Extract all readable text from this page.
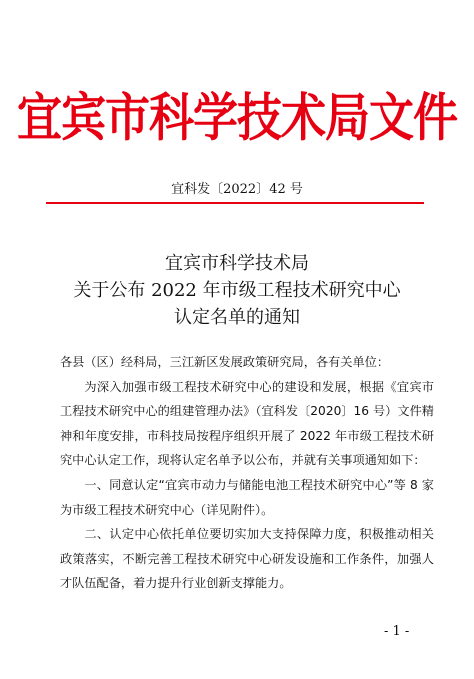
宜宾市科学技术局文件
宜科发〔2022〕42 号
宜宾市科学技术局
关于公布 2022 年市级工程技术研究中心
认定名单的通知

各县（区）经科局，三江新区发展政策研究局，各有关单位：

为深入加强市级工程技术研究中心的建设和发展，根据《宜宾市工程技术研究中心的组建管理办法》（宜科发〔2020〕16 号）文件精神和年度安排，市科技局按程序组织开展了 2022 年市级工程技术研究中心认定工作，现将认定名单予以公布，并就有关事项通知如下：

一、同意认定“宜宾市动力与储能电池工程技术研究中心”等 8 家为市级工程技术研究中心（详见附件）。

二、认定中心依托单位要切实加大支持保障力度，积极推动相关政策落实，不断完善工程技术研究中心研发设施和工作条件，加强人才队伍配备，着力提升行业创新支撑能力。

- 1 -
